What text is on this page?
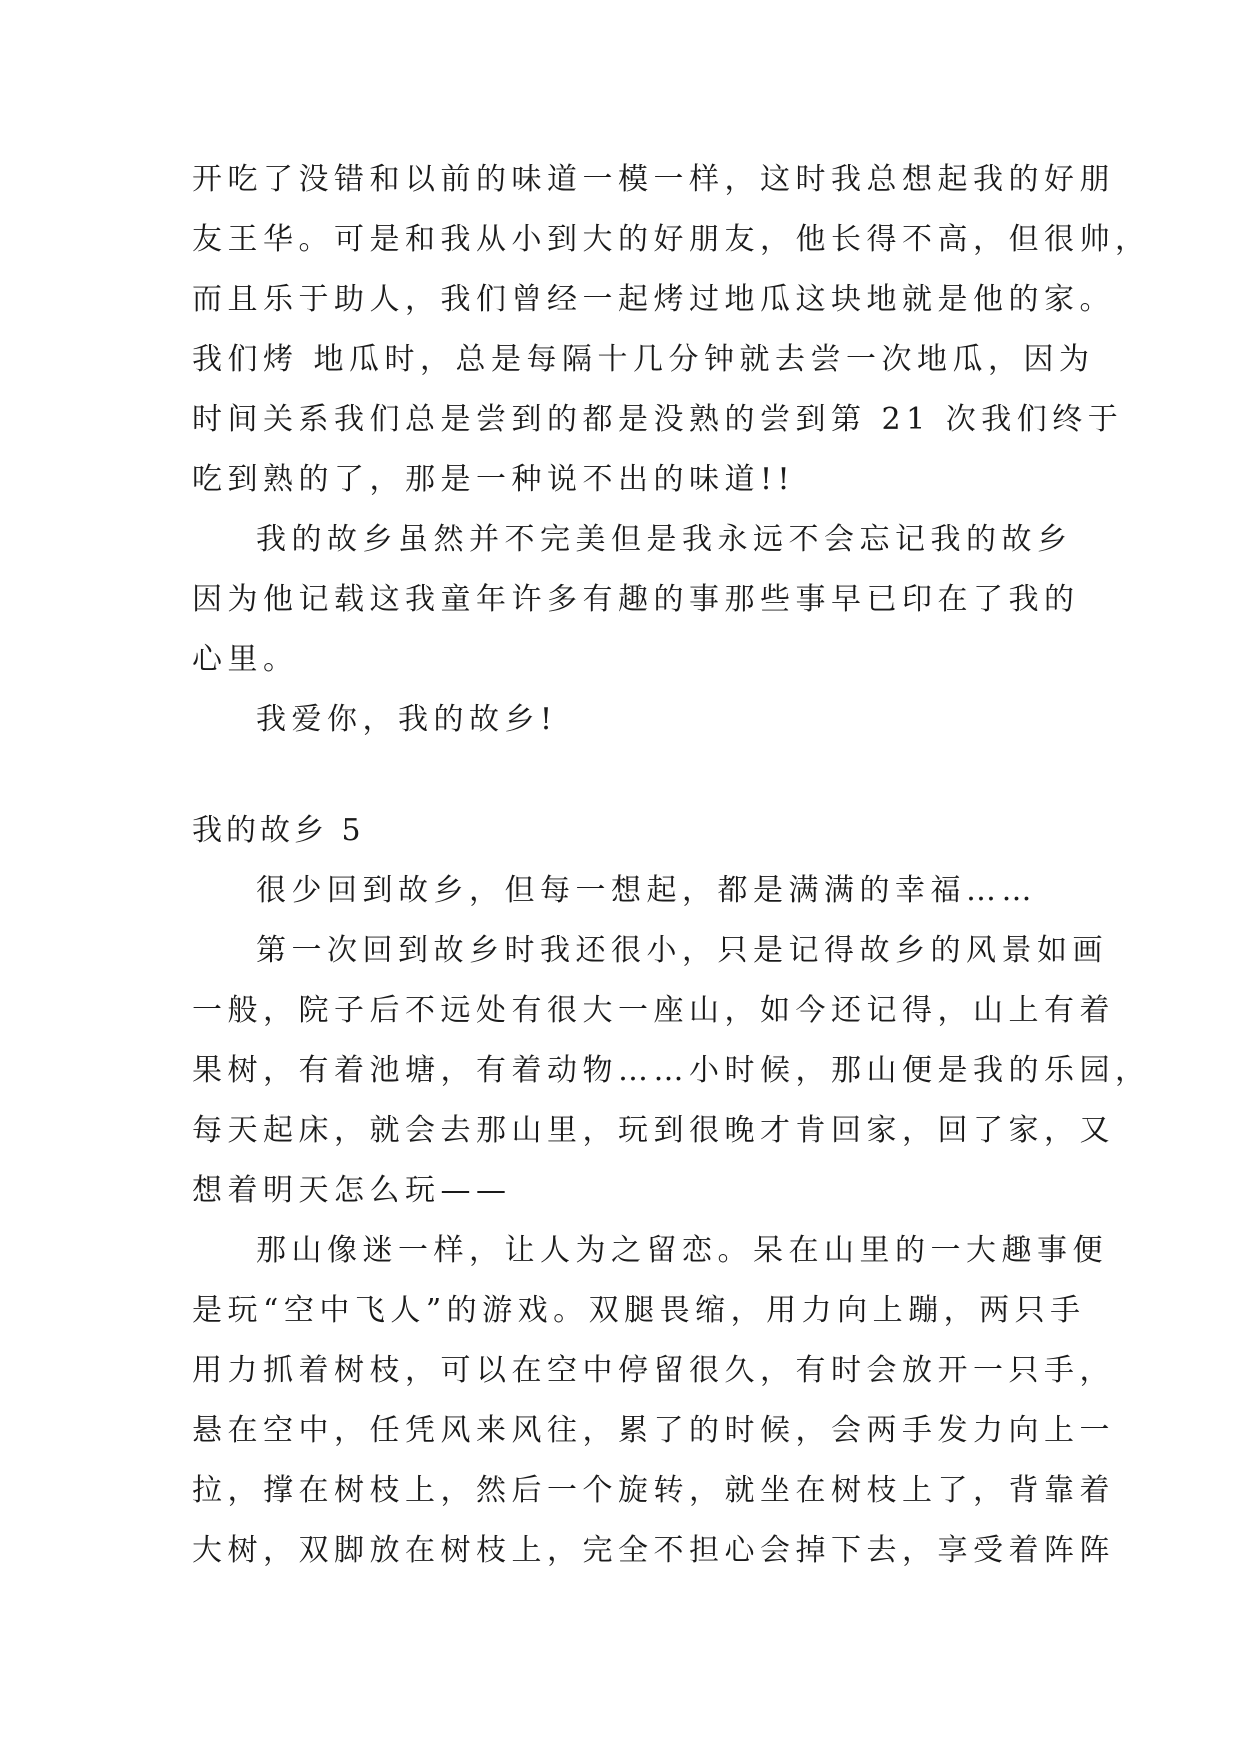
开吃了没错和以前的味道一模一样，这时我总想起我的好朋
友王华。可是和我从小到大的好朋友，他长得不高，但很帅，
而且乐于助人，我们曾经一起烤过地瓜这块地就是他的家。
我们烤 地瓜时，总是每隔十几分钟就去尝一次地瓜，因为
时间关系我们总是尝到的都是没熟的尝到第 21 次我们终于
吃到熟的了，那是一种说不出的味道!!
我的故乡虽然并不完美但是我永远不会忘记我的故乡
因为他记载这我童年许多有趣的事那些事早已印在了我的
心里。
我爱你，我的故乡!
我的故乡 5
很少回到故乡，但每一想起，都是满满的幸福……
第一次回到故乡时我还很小，只是记得故乡的风景如画
一般，院子后不远处有很大一座山，如今还记得，山上有着
果树，有着池塘，有着动物……小时候，那山便是我的乐园，
每天起床，就会去那山里，玩到很晚才肯回家，回了家，又
想着明天怎么玩——
那山像迷一样，让人为之留恋。呆在山里的一大趣事便
是玩“空中飞人”的游戏。双腿畏缩，用力向上蹦，两只手
用力抓着树枝，可以在空中停留很久，有时会放开一只手，
悬在空中，任凭风来风往，累了的时候，会两手发力向上一
拉，撑在树枝上，然后一个旋转，就坐在树枝上了，背靠着
大树，双脚放在树枝上，完全不担心会掉下去，享受着阵阵
